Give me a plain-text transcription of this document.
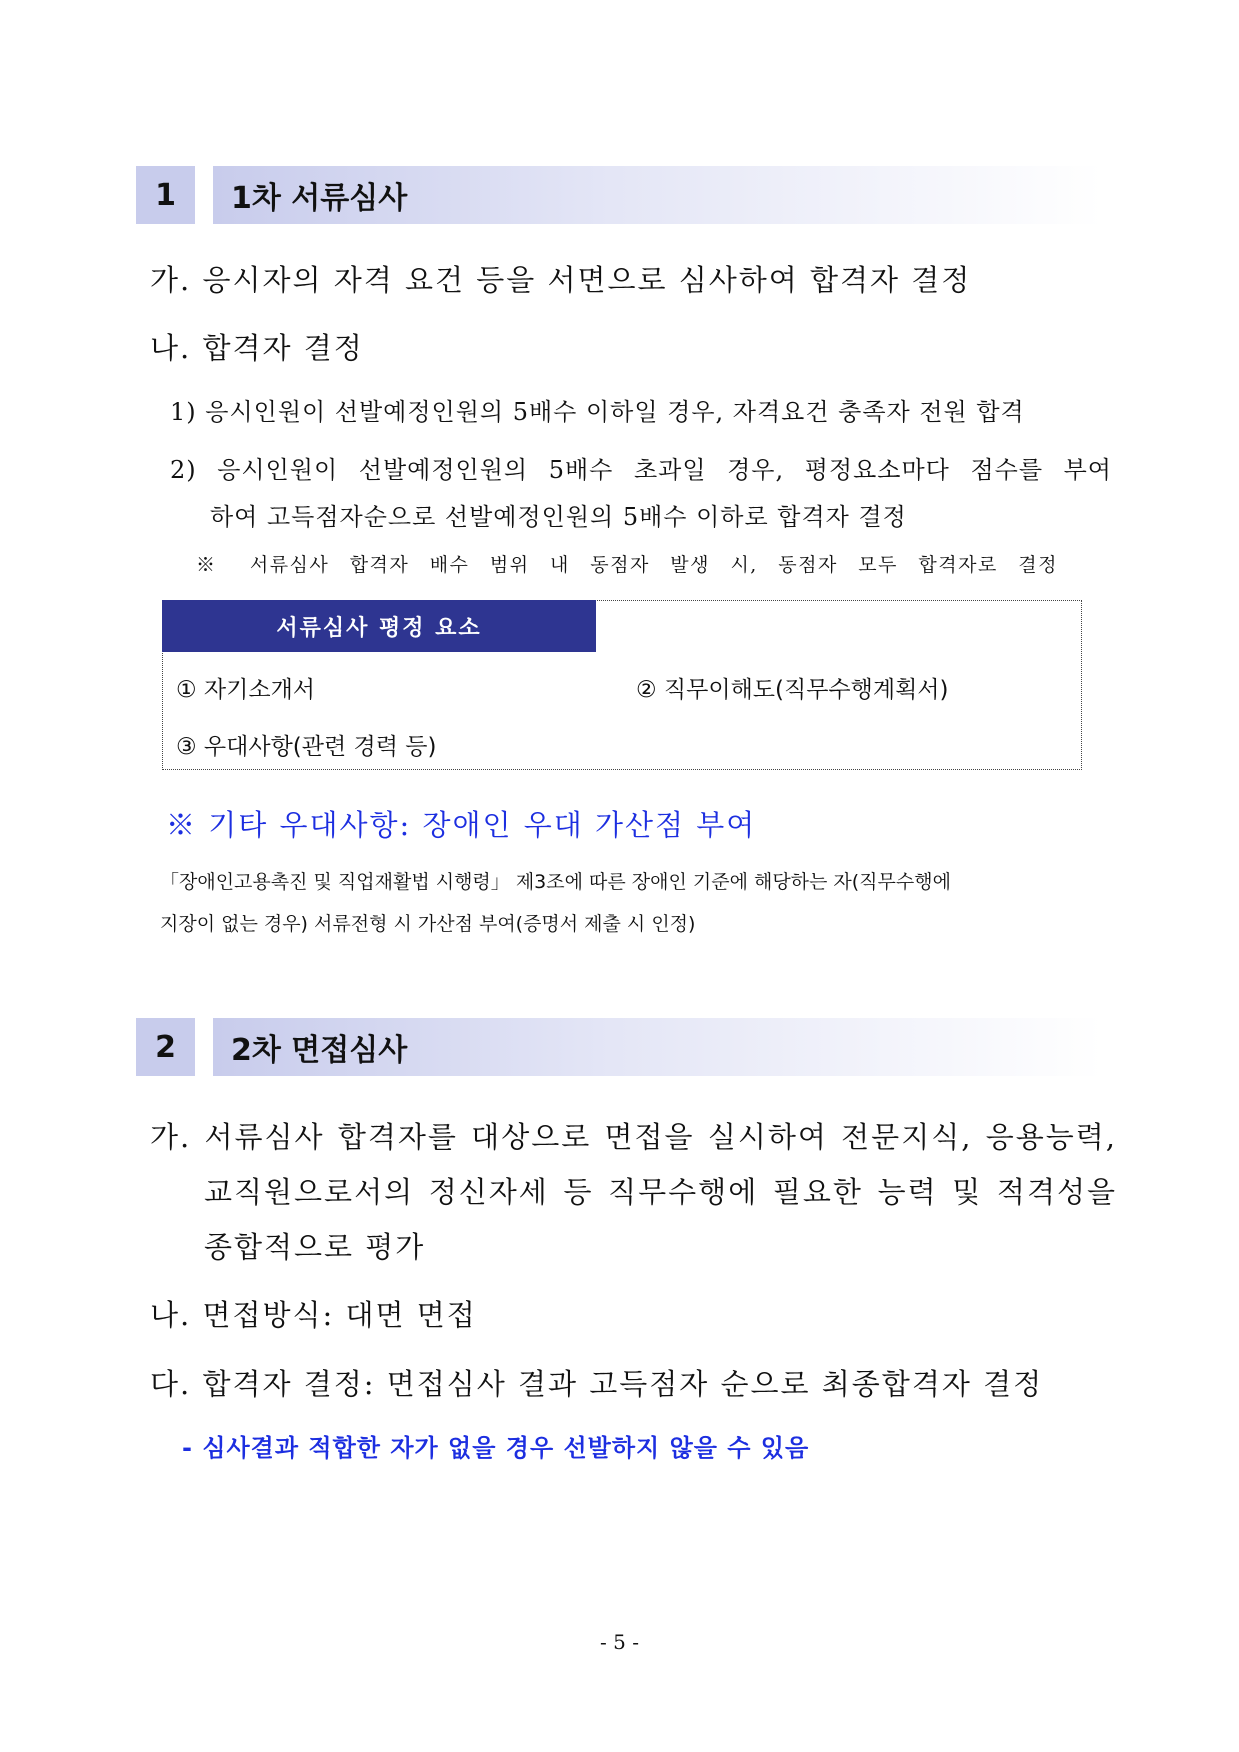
1	1차 서류심사
가. 응시자의 자격 요건 등을 서면으로 심사하여 합격자 결정
나. 합격자 결정
1) 응시인원이 선발예정인원의 5배수 이하일 경우, 자격요건 충족자 전원 합격
2) 응시인원이 선발예정인원의 5배수 초과일 경우, 평정요소마다 점수를 부여
하여 고득점자순으로 선발예정인원의 5배수 이하로 합격자 결정
※ 서류심사 합격자 배수 범위 내 동점자 발생 시, 동점자 모두 합격자로 결정
서류심사 평정 요소
① 자기소개서	② 직무이해도(직무수행계획서)
③ 우대사항(관련 경력 등)
※ 기타 우대사항: 장애인 우대 가산점 부여
「장애인고용촉진 및 직업재활법 시행령」 제3조에 따른 장애인 기준에 해당하는 자(직무수행에
지장이 없는 경우) 서류전형 시 가산점 부여(증명서 제출 시 인정)
2	2차 면접심사
가. 서류심사 합격자를 대상으로 면접을 실시하여 전문지식, 응용능력,
교직원으로서의 정신자세 등 직무수행에 필요한 능력 및 적격성을
종합적으로 평가
나. 면접방식: 대면 면접
다. 합격자 결정: 면접심사 결과 고득점자 순으로 최종합격자 결정
- 심사결과 적합한 자가 없을 경우 선발하지 않을 수 있음
- 5 -
